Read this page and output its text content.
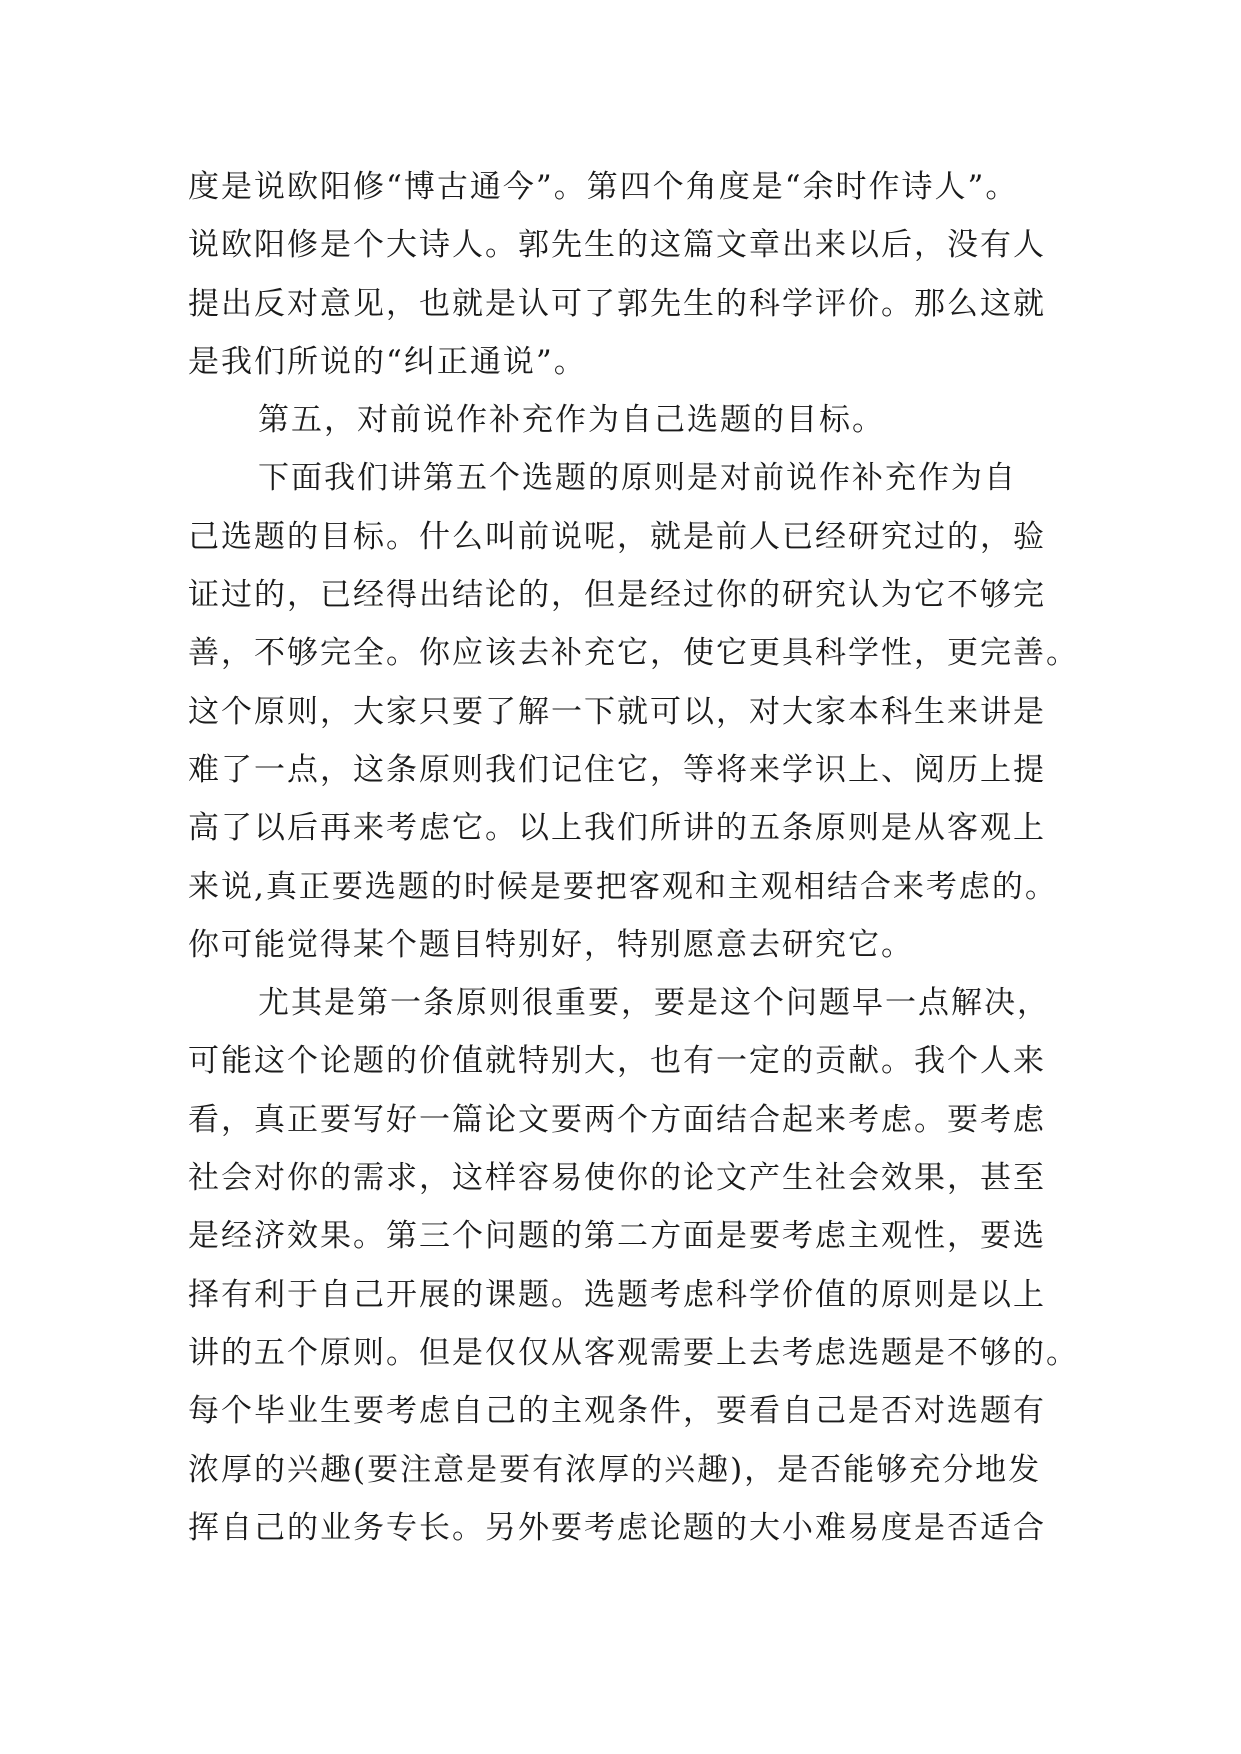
度是说欧阳修“博古通今”。第四个角度是“余时作诗人”。
说欧阳修是个大诗人。郭先生的这篇文章出来以后，没有人
提出反对意见，也就是认可了郭先生的科学评价。那么这就
是我们所说的“纠正通说”。
第五，对前说作补充作为自己选题的目标。
下面我们讲第五个选题的原则是对前说作补充作为自
己选题的目标。什么叫前说呢，就是前人已经研究过的，验
证过的，已经得出结论的，但是经过你的研究认为它不够完
善，不够完全。你应该去补充它，使它更具科学性，更完善。
这个原则，大家只要了解一下就可以，对大家本科生来讲是
难了一点，这条原则我们记住它，等将来学识上、阅历上提
高了以后再来考虑它。以上我们所讲的五条原则是从客观上
来说,真正要选题的时候是要把客观和主观相结合来考虑的。
你可能觉得某个题目特别好，特别愿意去研究它。
尤其是第一条原则很重要，要是这个问题早一点解决，
可能这个论题的价值就特别大，也有一定的贡献。我个人来
看，真正要写好一篇论文要两个方面结合起来考虑。要考虑
社会对你的需求，这样容易使你的论文产生社会效果，甚至
是经济效果。第三个问题的第二方面是要考虑主观性，要选
择有利于自己开展的课题。选题考虑科学价值的原则是以上
讲的五个原则。但是仅仅从客观需要上去考虑选题是不够的。
每个毕业生要考虑自己的主观条件，要看自己是否对选题有
浓厚的兴趣(要注意是要有浓厚的兴趣)，是否能够充分地发
挥自己的业务专长。另外要考虑论题的大小难易度是否适合
